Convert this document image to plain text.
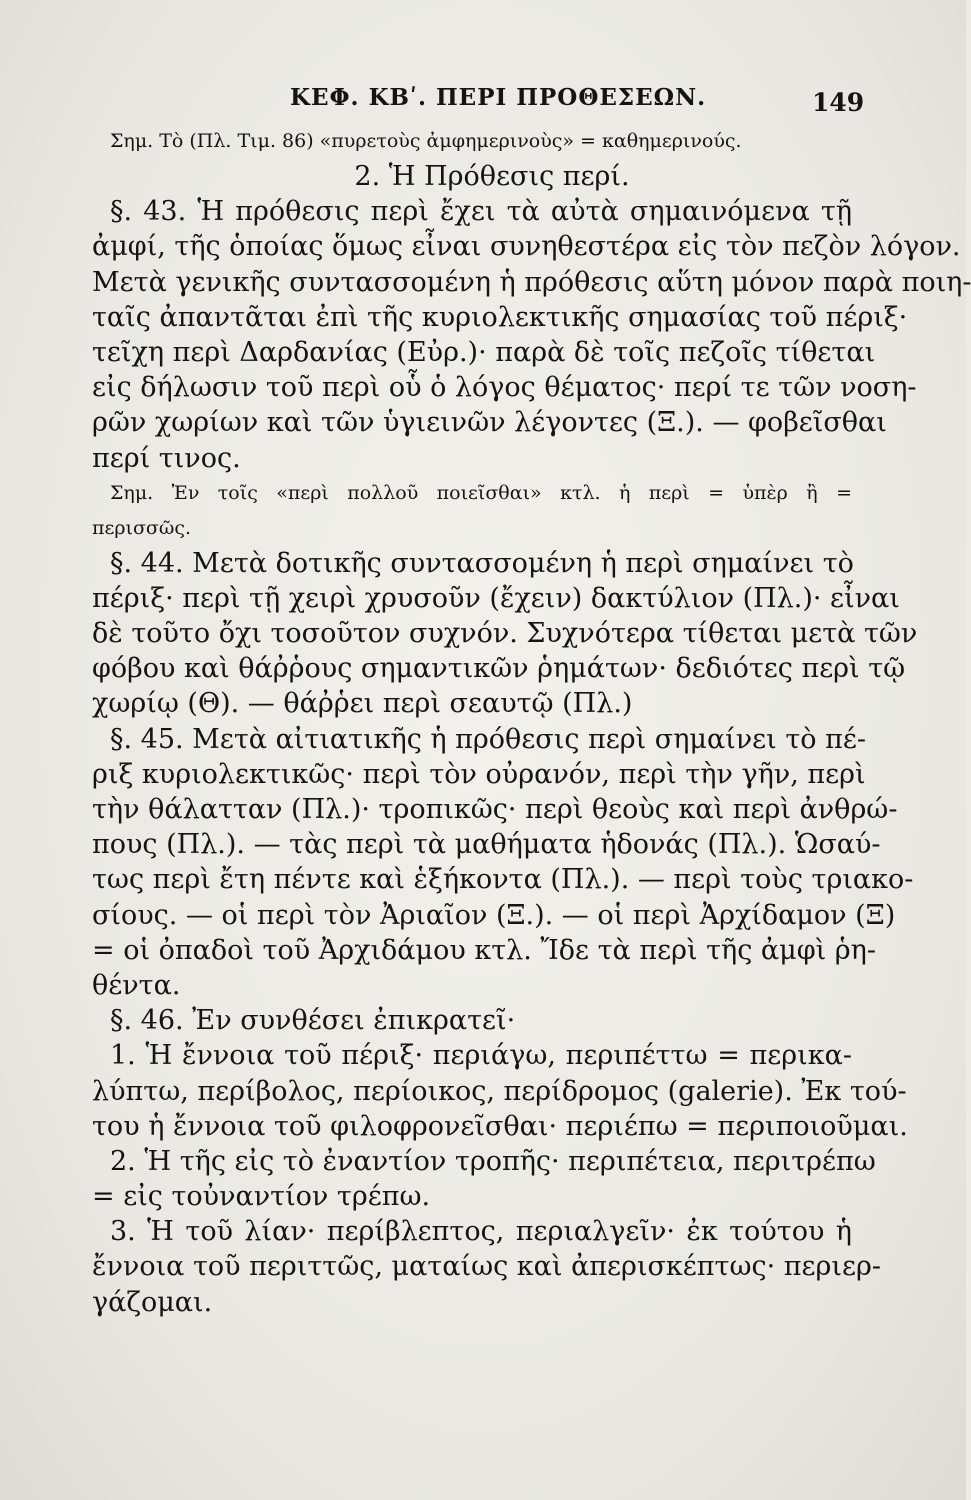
ΚΕΦ. ΚΒʹ. ΠΕΡΙ ΠΡΟΘΕΣΕΩΝ.	149
Σημ. Τὸ (Πλ. Τιμ. 86) «πυρετοὺς ἀμφημερινοὺς» = καθημερινούς.
2. Ἡ Πρόθεσις περί.
§. 43. Ἡ πρόθεσις περὶ ἔχει τὰ αὐτὰ σημαινόμενα τῇ
ἀμφί, τῆς ὁποίας ὅμως εἶναι συνηθεστέρα εἰς τὸν πεζὸν λόγον.
Μετὰ γενικῆς συντασσομένη ἡ πρόθεσις αὕτη μόνον παρὰ ποιη-
ταῖς ἀπαντᾶται ἐπὶ τῆς κυριολεκτικῆς σημασίας τοῦ πέριξ·
τεῖχη περὶ Δαρδανίας (Εὐρ.)· παρὰ δὲ τοῖς πεζοῖς τίθεται
εἰς δήλωσιν τοῦ περὶ οὗ ὁ λόγος θέματος· περί τε τῶν νοση-
ρῶν χωρίων καὶ τῶν ὑγιεινῶν λέγοντες (Ξ.). — φοβεῖσθαι
περί τινος.
Σημ. Ἐν τοῖς «περὶ πολλοῦ ποιεῖσθαι» κτλ. ἡ περὶ = ὑπὲρ ἢ =
περισσῶς.
§. 44. Μετὰ δοτικῆς συντασσομένη ἡ περὶ σημαίνει τὸ
πέριξ· περὶ τῇ χειρὶ χρυσοῦν (ἔχειν) δακτύλιον (Πλ.)· εἶναι
δὲ τοῦτο ὄχι τοσοῦτον συχνόν. Συχνότερα τίθεται μετὰ τῶν
φόβου καὶ θάῤῥους σημαντικῶν ῥημάτων· δεδιότες περὶ τῷ
χωρίῳ (Θ). — θάῤῥει περὶ σεαυτῷ (Πλ.)
§. 45. Μετὰ αἰτιατικῆς ἡ πρόθεσις περὶ σημαίνει τὸ πέ-
ριξ κυριολεκτικῶς· περὶ τὸν οὐρανόν, περὶ τὴν γῆν, περὶ
τὴν θάλατταν (Πλ.)· τροπικῶς· περὶ θεοὺς καὶ περὶ ἀνθρώ-
πους (Πλ.). — τὰς περὶ τὰ μαθήματα ἡδονάς (Πλ.). Ὡσαύ-
τως περὶ ἔτη πέντε καὶ ἑξήκοντα (Πλ.). — περὶ τοὺς τριακο-
σίους. — οἱ περὶ τὸν Ἀριαῖον (Ξ.). — οἱ περὶ Ἀρχίδαμον (Ξ)
= οἱ ὀπαδοὶ τοῦ Ἀρχιδάμου κτλ. Ἴδε τὰ περὶ τῆς ἀμφὶ ῥη-
θέντα.
§. 46. Ἐν συνθέσει ἐπικρατεῖ·
1. Ἡ ἔννοια τοῦ πέριξ· περιάγω, περιπέττω = περικα-
λύπτω, περίβολος, περίοικος, περίδρομος (galerie). Ἐκ τού-
του ἡ ἔννοια τοῦ φιλοφρονεῖσθαι· περιέπω = περιποιοῦμαι.
2. Ἡ τῆς εἰς τὸ ἐναντίον τροπῆς· περιπέτεια, περιτρέπω
= εἰς τοὐναντίον τρέπω.
3. Ἡ τοῦ λίαν· περίβλεπτος, περιαλγεῖν· ἐκ τούτου ἡ
ἔννοια τοῦ περιττῶς, ματαίως καὶ ἀπερισκέπτως· περιερ-
γάζομαι.
